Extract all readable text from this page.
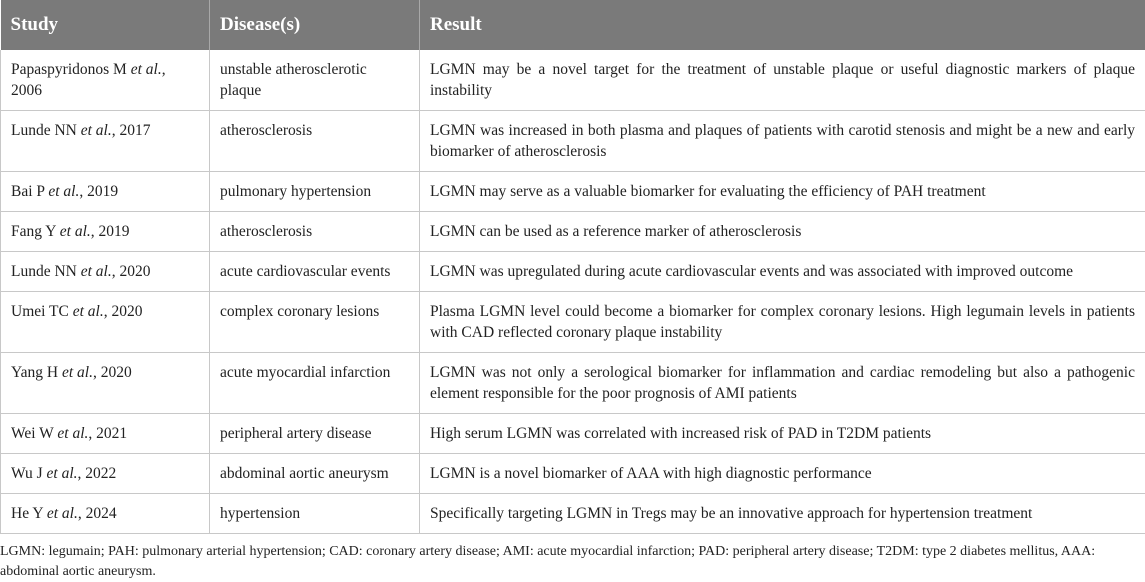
Study	Disease(s)	Result
Papaspyridonos M et al., 2006	unstable atherosclerotic plaque	LGMN may be a novel target for the treatment of unstable plaque or useful diagnostic markers of plaque instability
Lunde NN et al., 2017	atherosclerosis	LGMN was increased in both plasma and plaques of patients with carotid stenosis and might be a new and early biomarker of atherosclerosis
Bai P et al., 2019	pulmonary hypertension	LGMN may serve as a valuable biomarker for evaluating the efficiency of PAH treatment
Fang Y et al., 2019	atherosclerosis	LGMN can be used as a reference marker of atherosclerosis
Lunde NN et al., 2020	acute cardiovascular events	LGMN was upregulated during acute cardiovascular events and was associated with improved outcome
Umei TC et al., 2020	complex coronary lesions	Plasma LGMN level could become a biomarker for complex coronary lesions. High legumain levels in patients with CAD reflected coronary plaque instability
Yang H et al., 2020	acute myocardial infarction	LGMN was not only a serological biomarker for inflammation and cardiac remodeling but also a pathogenic element responsible for the poor prognosis of AMI patients
Wei W et al., 2021	peripheral artery disease	High serum LGMN was correlated with increased risk of PAD in T2DM patients
Wu J et al., 2022	abdominal aortic aneurysm	LGMN is a novel biomarker of AAA with high diagnostic performance
He Y et al., 2024	hypertension	Specifically targeting LGMN in Tregs may be an innovative approach for hypertension treatment
LGMN: legumain; PAH: pulmonary arterial hypertension; CAD: coronary artery disease; AMI: acute myocardial infarction; PAD: peripheral artery disease; T2DM: type 2 diabetes mellitus, AAA: abdominal aortic aneurysm.
